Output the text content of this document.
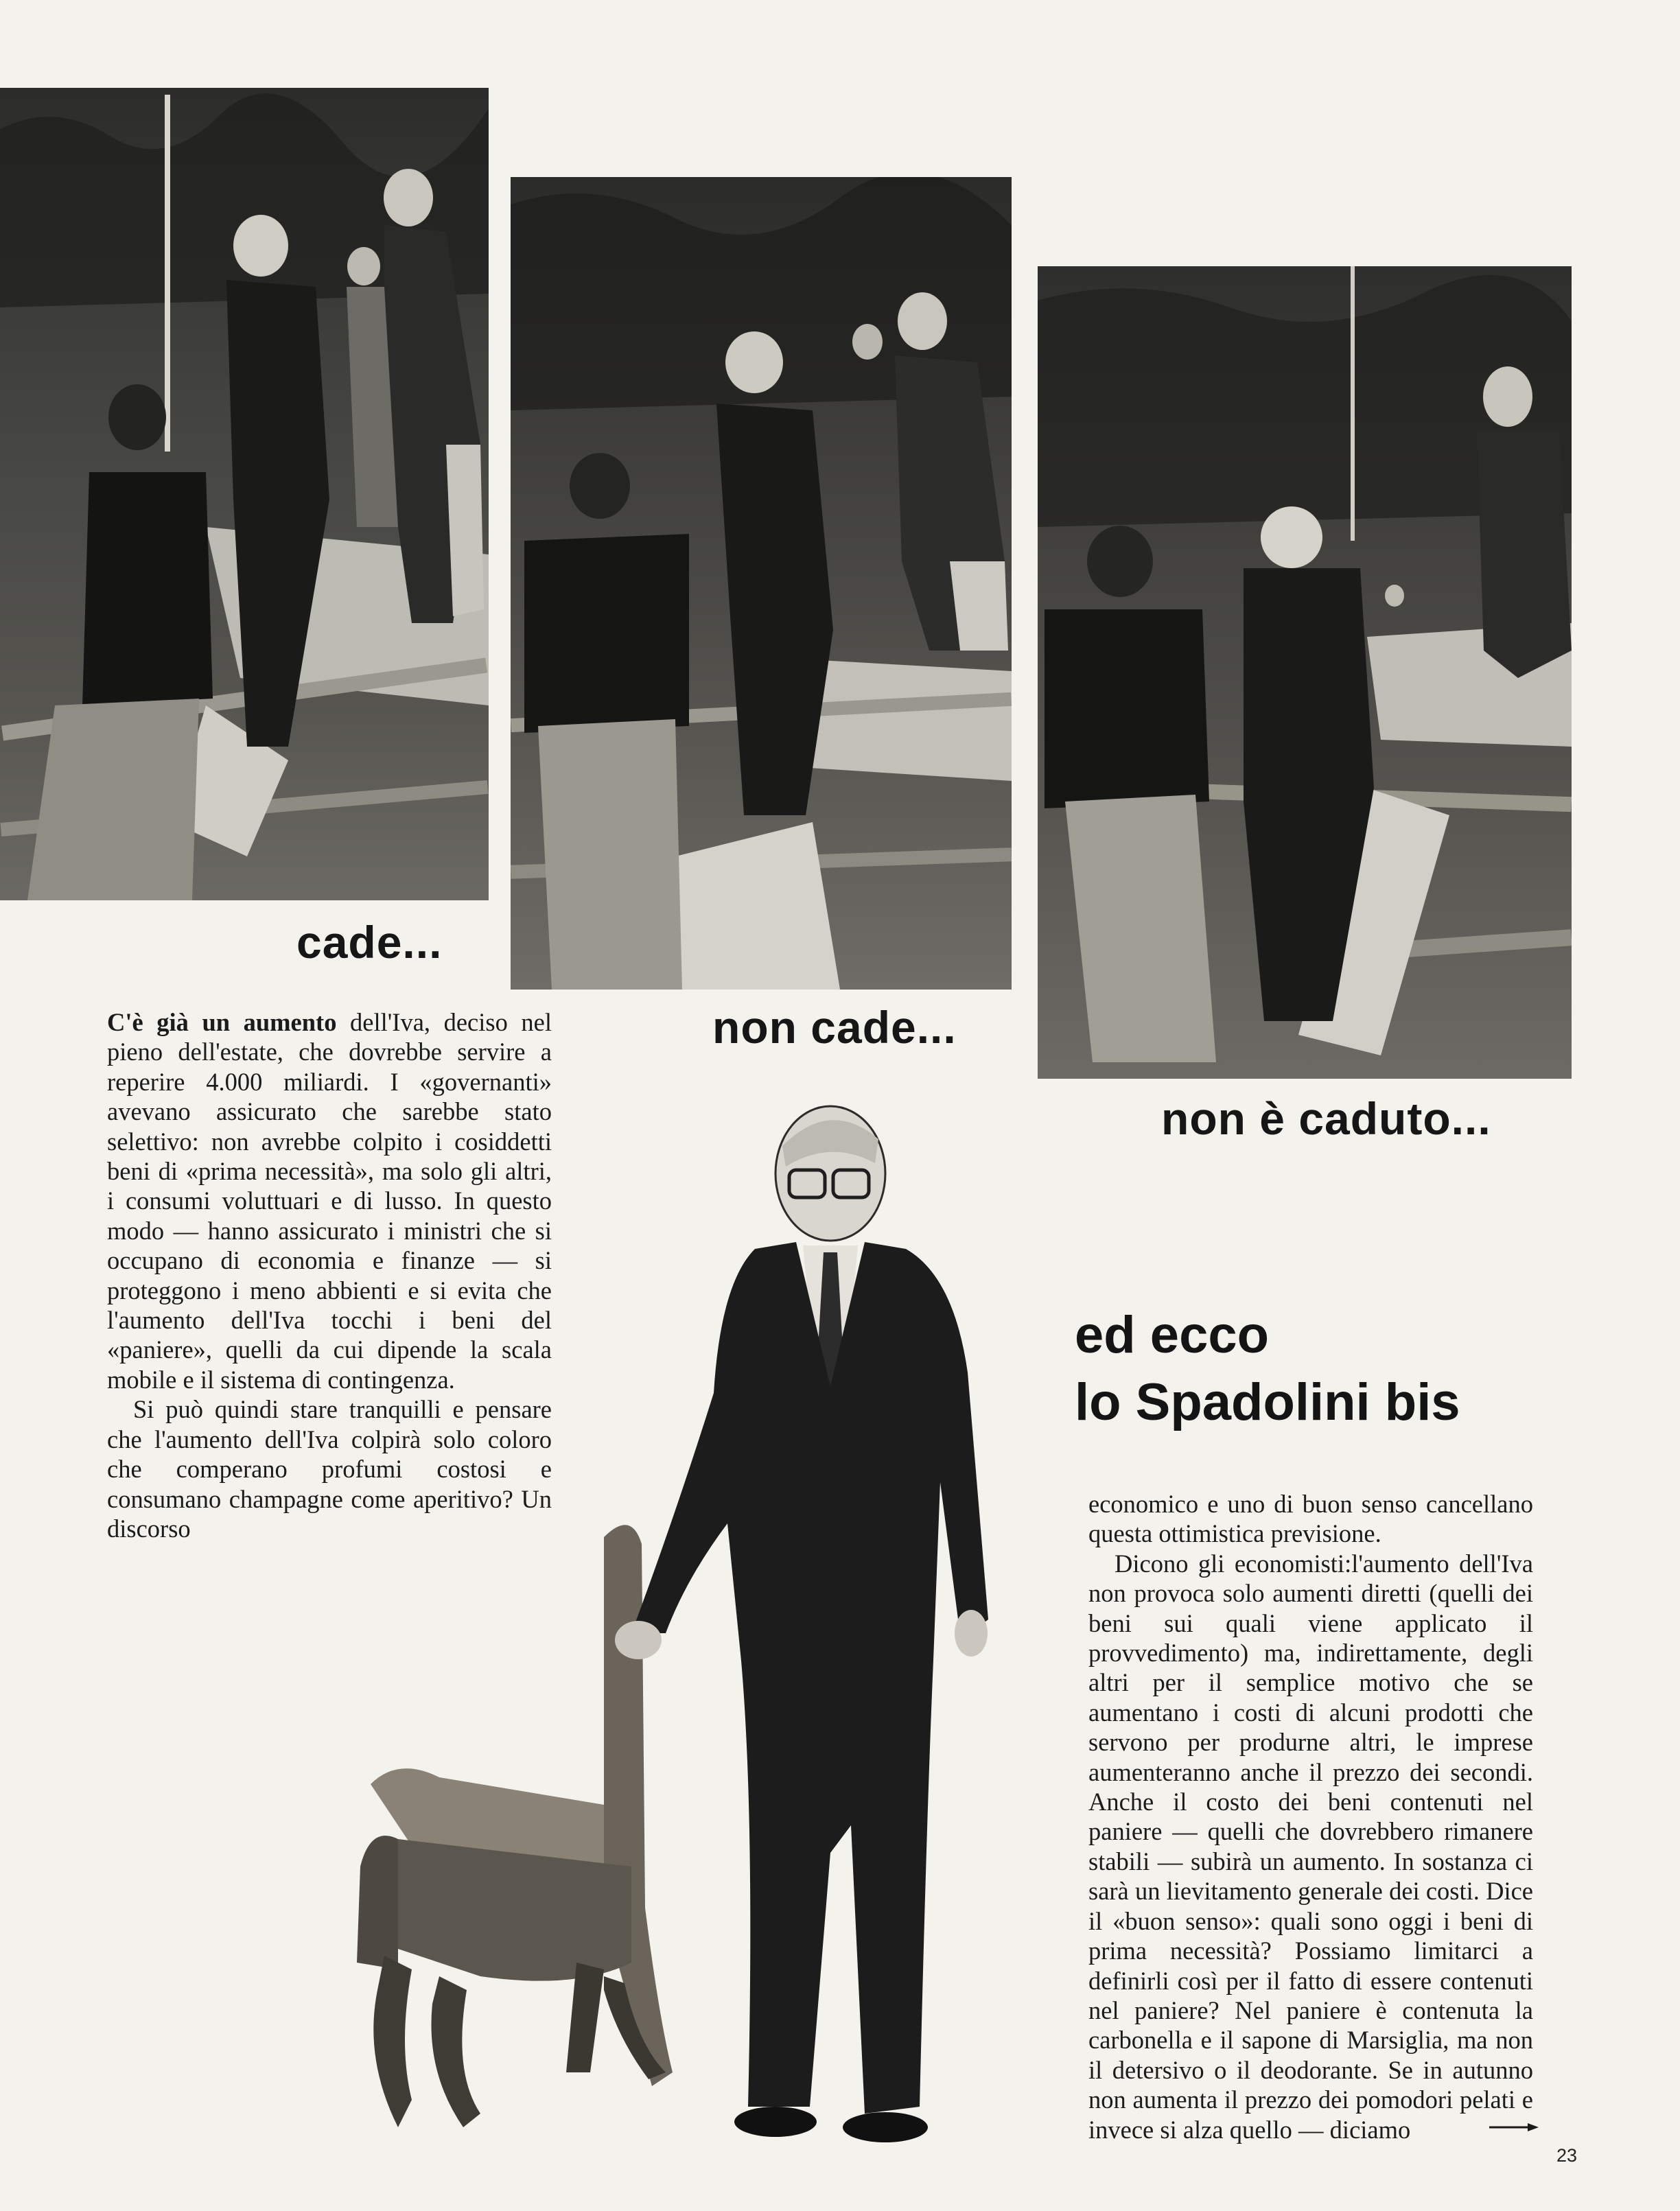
cade...
non cade...
non è caduto...

C'è già un aumento dell'Iva, deciso nel pieno dell'estate, che dovrebbe servire a reperire 4.000 miliardi. I «governanti» avevano assicurato che sarebbe stato selettivo: non avrebbe colpito i cosiddetti beni di «prima necessità», ma solo gli altri, i consumi voluttuari e di lusso. In questo modo — hanno assicurato i ministri che si occupano di economia e finanze — si proteggono i meno abbienti e si evita che l'aumento dell'Iva tocchi i beni del «paniere», quelli da cui dipende la scala mobile e il sistema di contingenza.

Si può quindi stare tranquilli e pensare che l'aumento dell'Iva colpirà solo coloro che comperano profumi costosi e consumano champagne come aperitivo? Un discorso

ed ecco
lo Spadolini bis

economico e uno di buon senso cancellano questa ottimistica previsione.

Dicono gli economisti:l'aumento dell'Iva non provoca solo aumenti diretti (quelli dei beni sui quali viene applicato il provvedimento) ma, indirettamente, degli altri per il semplice motivo che se aumentano i costi di alcuni prodotti che servono per produrne altri, le imprese aumenteranno anche il prezzo dei secondi. Anche il costo dei beni contenuti nel paniere — quelli che dovrebbero rimanere stabili — subirà un aumento. In sostanza ci sarà un lievitamento generale dei costi. Dice il «buon senso»: quali sono oggi i beni di prima necessità? Possiamo limitarci a definirli così per il fatto di essere contenuti nel paniere? Nel paniere è contenuta la carbonella e il sapone di Marsiglia, ma non il detersivo o il deodorante. Se in autunno non aumenta il prezzo dei pomodori pelati e invece si alza quello — diciamo

23
